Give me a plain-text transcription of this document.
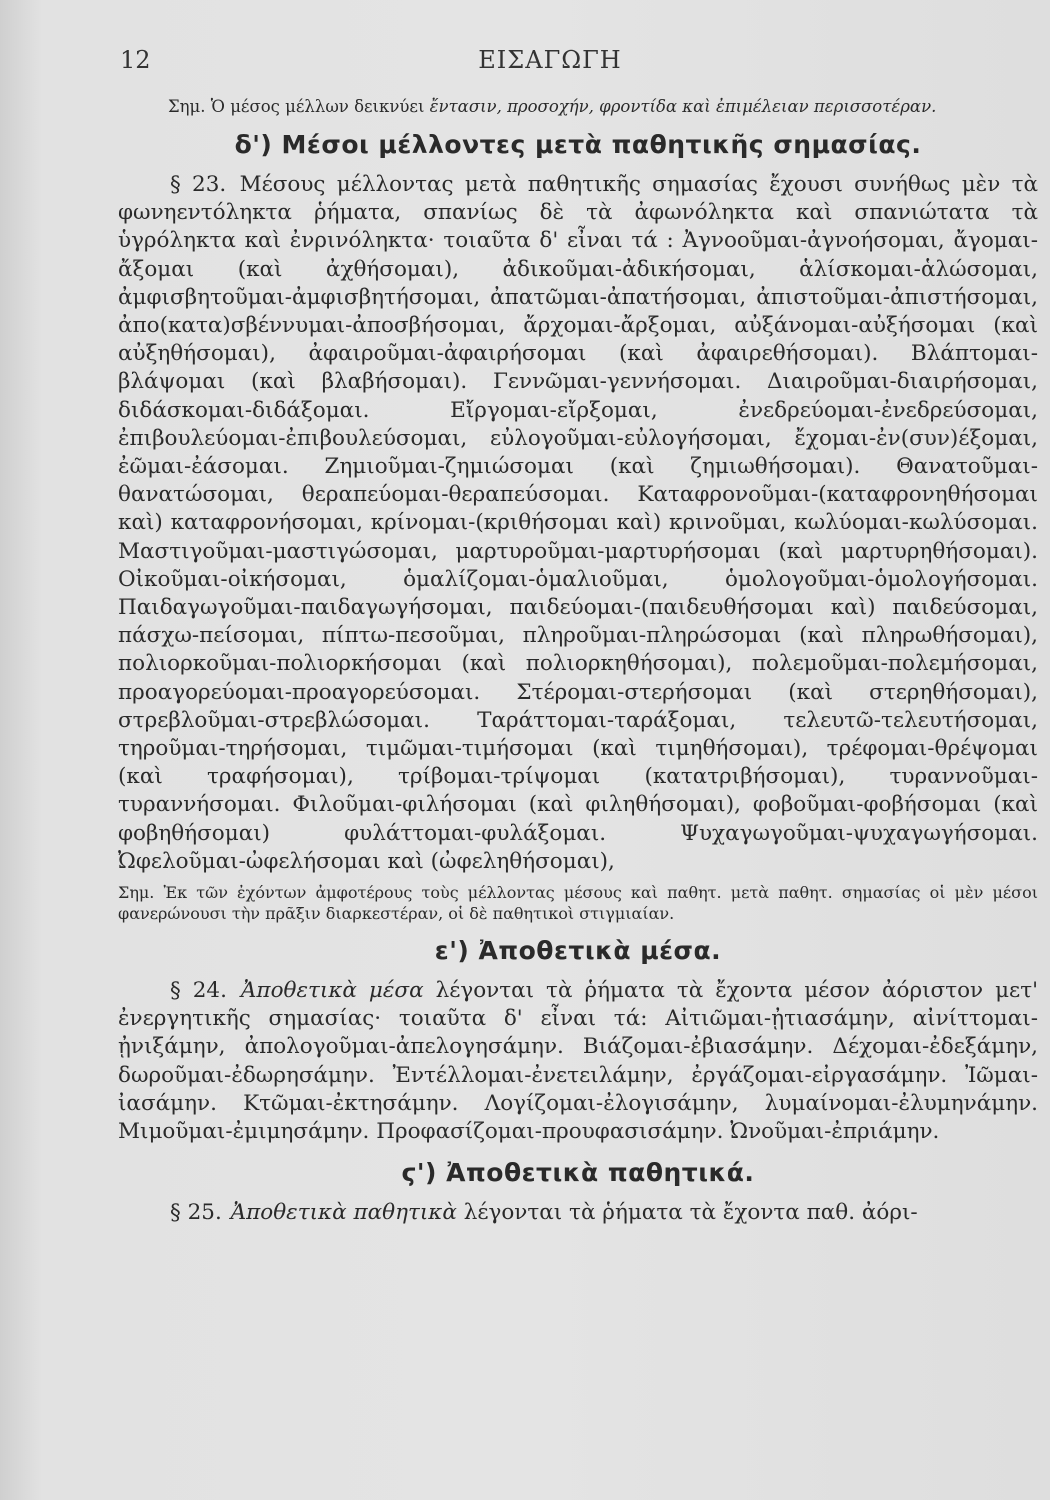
12	ΕΙΣΑΓΩΓΗ

Σημ. Ὁ μέσος μέλλων δεικνύει ἔντασιν, προσοχήν, φροντίδα καὶ ἐπιμέλειαν περισσοτέραν.

δ') Μέσοι μέλλοντες μετὰ παθητικῆς σημασίας.

§ 23. Μέσους μέλλοντας μετὰ παθητικῆς σημασίας ἔχουσι συνήθως μὲν τὰ φωνηεντόληκτα ῥήματα, σπανίως δὲ τὰ ἀφωνόληκτα καὶ σπανιώτατα τὰ ὑγρόληκτα καὶ ἐνρινόληκτα· τοιαῦτα δ' εἶναι τά : Ἀγνοοῦμαι-ἀγνοήσομαι, ἄγομαι-ἄξομαι (καὶ ἀχθήσομαι), ἀδικοῦμαι-ἀδικήσομαι, ἁλίσκομαι-ἁλώσομαι, ἀμφισβητοῦμαι-ἀμφισβητήσομαι, ἀπατῶμαι-ἀπατήσομαι, ἀπιστοῦμαι-ἀπιστήσομαι, ἀπο(κατα)σβέννυμαι-ἀποσβήσομαι, ἄρχομαι-ἄρξομαι, αὐξάνομαι-αὐξήσομαι (καὶ αὐξηθήσομαι), ἀφαιροῦμαι-ἀφαιρήσομαι (καὶ ἀφαιρεθήσομαι). Βλάπτομαι-βλάψομαι (καὶ βλαβήσομαι). Γεννῶμαι-γεννήσομαι. Διαιροῦμαι-διαιρήσομαι, διδάσκομαι-διδάξομαι. Εἴργομαι-εἴρξομαι, ἐνεδρεύομαι-ἐνεδρεύσομαι, ἐπιβουλεύομαι-ἐπιβουλεύσομαι, εὐλογοῦμαι-εὐλογήσομαι, ἔχομαι-ἐν(συν)έξομαι, ἐῶμαι-ἐάσομαι. Ζημιοῦμαι-ζημιώσομαι (καὶ ζημιωθήσομαι). Θανατοῦμαι-θανατώσομαι, θεραπεύομαι-θεραπεύσομαι. Καταφρονοῦμαι-(καταφρονηθήσομαι καὶ) καταφρονήσομαι, κρίνομαι-(κριθήσομαι καὶ) κρινοῦμαι, κωλύομαι-κωλύσομαι. Μαστιγοῦμαι-μαστιγώσομαι, μαρτυροῦμαι-μαρτυρήσομαι (καὶ μαρτυρηθήσομαι). Οἰκοῦμαι-οἰκήσομαι, ὁμαλίζομαι-ὁμαλιοῦμαι, ὁμολογοῦμαι-ὁμολογήσομαι. Παιδαγωγοῦμαι-παιδαγωγήσομαι, παιδεύομαι-(παιδευθήσομαι καὶ) παιδεύσομαι, πάσχω-πείσομαι, πίπτω-πεσοῦμαι, πληροῦμαι-πληρώσομαι (καὶ πληρωθήσομαι), πολιορκοῦμαι-πολιορκήσομαι (καὶ πολιορκηθήσομαι), πολεμοῦμαι-πολεμήσομαι, προαγορεύομαι-προαγορεύσομαι. Στέρομαι-στερήσομαι (καὶ στερηθήσομαι), στρεβλοῦμαι-στρεβλώσομαι. Ταράττομαι-ταράξομαι, τελευτῶ-τελευτήσομαι, τηροῦμαι-τηρήσομαι, τιμῶμαι-τιμήσομαι (καὶ τιμηθήσομαι), τρέφομαι-θρέψομαι (καὶ τραφήσομαι), τρίβομαι-τρίψομαι (κατατριβήσομαι), τυραννοῦμαι-τυραννήσομαι. Φιλοῦμαι-φιλήσομαι (καὶ φιληθήσομαι), φοβοῦμαι-φοβήσομαι (καὶ φοβηθήσομαι) φυλάττομαι-φυλάξομαι. Ψυχαγωγοῦμαι-ψυχαγωγήσομαι. Ὠφελοῦμαι-ὠφελήσομαι καὶ (ὠφεληθήσομαι),

Σημ. Ἐκ τῶν ἐχόντων ἀμφοτέρους τοὺς μέλλοντας μέσους καὶ παθητ. μετὰ παθητ. σημασίας οἱ μὲν μέσοι φανερώνουσι τὴν πρᾶξιν διαρκεστέραν, οἱ δὲ παθητικοὶ στιγμιαίαν.

ε') Ἀποθετικὰ μέσα.

§ 24. Ἀποθετικὰ μέσα λέγονται τὰ ῥήματα τὰ ἔχοντα μέσον ἀόριστον μετ' ἐνεργητικῆς σημασίας· τοιαῦτα δ' εἶναι τά: Αἰτιῶμαι-ᾐτιασάμην, αἰνίττομαι-ᾐνιξάμην, ἀπολογοῦμαι-ἀπελογησάμην. Βιάζομαι-ἐβιασάμην. Δέχομαι-ἐδεξάμην, δωροῦμαι-ἐδωρησάμην. Ἐντέλλομαι-ἐνετειλάμην, ἐργάζομαι-εἰργασάμην. Ἰῶμαι-ἰασάμην. Κτῶμαι-ἐκτησάμην. Λογίζομαι-ἐλογισάμην, λυμαίνομαι-ἐλυμηνάμην. Μιμοῦμαι-ἐμιμησάμην. Προφασίζομαι-προυφασισάμην. Ὠνοῦμαι-ἐπριάμην.

ϛ') Ἀποθετικὰ παθητικά.

§ 25. Ἀποθετικὰ παθητικὰ λέγονται τὰ ῥήματα τὰ ἔχοντα παθ. ἀόρι-
